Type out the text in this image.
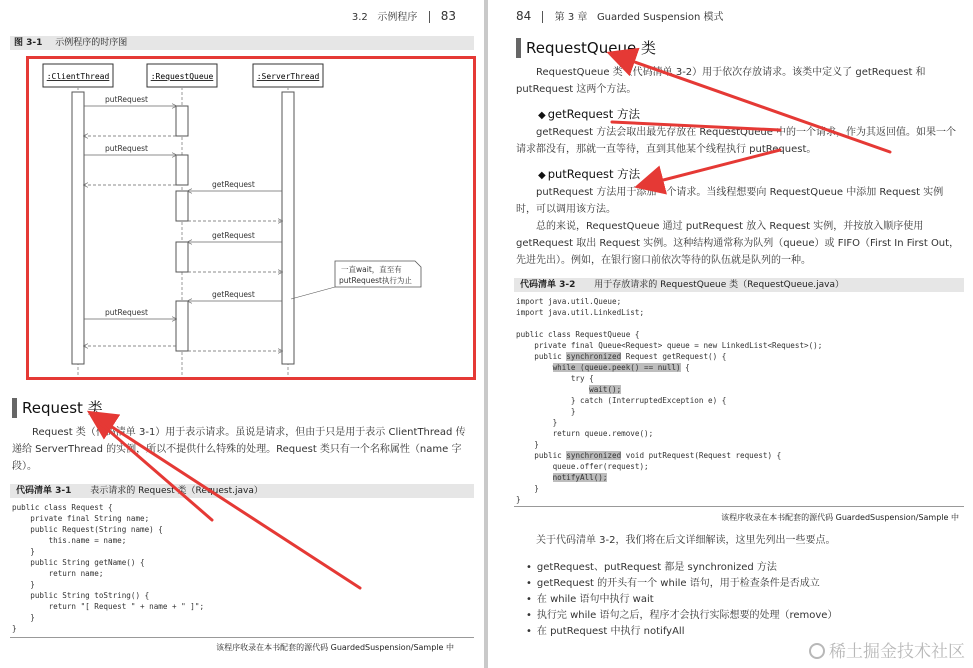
3.2 示例程序 83
图 3-1 示例程序的时序图
:ClientThread	:RequestQueue	:ServerThread
putRequest
putRequest
getRequest
getRequest
getRequest
putRequest
一直wait，直至有
putRequest执行为止
Request 类
Request 类（代码清单 3-1）用于表示请求。虽说是请求，但由于只是用于表示 ClientThread 传递给 ServerThread 的实例，所以不提供什么特殊的处理。Request 类只有一个名称属性（name 字段）。
代码清单 3-1 表示请求的 Request 类（Request.java）
public class Request {
private final String name;
public Request(String name) {
this.name = name;
}
public String getName() {
return name;
}
public String toString() {
return "[ Request " + name + " ]";
}
}
该程序收录在本书配套的源代码 GuardedSuspension/Sample 中
84 第 3 章 Guarded Suspension 模式
RequestQueue 类
RequestQueue 类（代码清单 3-2）用于依次存放请求。该类中定义了 getRequest 和 putRequest 这两个方法。
◆ getRequest 方法
getRequest 方法会取出最先存放在 RequestQueue 中的一个请求，作为其返回值。如果一个请求都没有，那就一直等待，直到其他某个线程执行 putRequest。
◆ putRequest 方法
putRequest 方法用于添加一个请求。当线程想要向 RequestQueue 中添加 Request 实例时，可以调用该方法。
总的来说，RequestQueue 通过 putRequest 放入 Request 实例，并按放入顺序使用 getRequest 取出 Request 实例。这种结构通常称为队列（queue）或 FIFO（First In First Out，先进先出）。例如，在银行窗口前依次等待的队伍就是队列的一种。
代码清单 3-2 用于存放请求的 RequestQueue 类（RequestQueue.java）
import java.util.Queue;
import java.util.LinkedList;

public class RequestQueue {
private final Queue<Request> queue = new LinkedList<Request>();
public synchronized Request getRequest() {
while (queue.peek() == null) {
try {
wait();
} catch (InterruptedException e) {
}
}
return queue.remove();
}
public synchronized void putRequest(Request request) {
queue.offer(request);
notifyAll();
}
}
该程序收录在本书配套的源代码 GuardedSuspension/Sample 中
关于代码清单 3-2，我们将在后文详细解读，这里先列出一些要点。
• getRequest、putRequest 都是 synchronized 方法
• getRequest 的开头有一个 while 语句，用于检查条件是否成立
• 在 while 语句中执行 wait
• 执行完 while 语句之后，程序才会执行实际想要的处理（remove）
• 在 putRequest 中执行 notifyAll
稀土掘金技术社区
